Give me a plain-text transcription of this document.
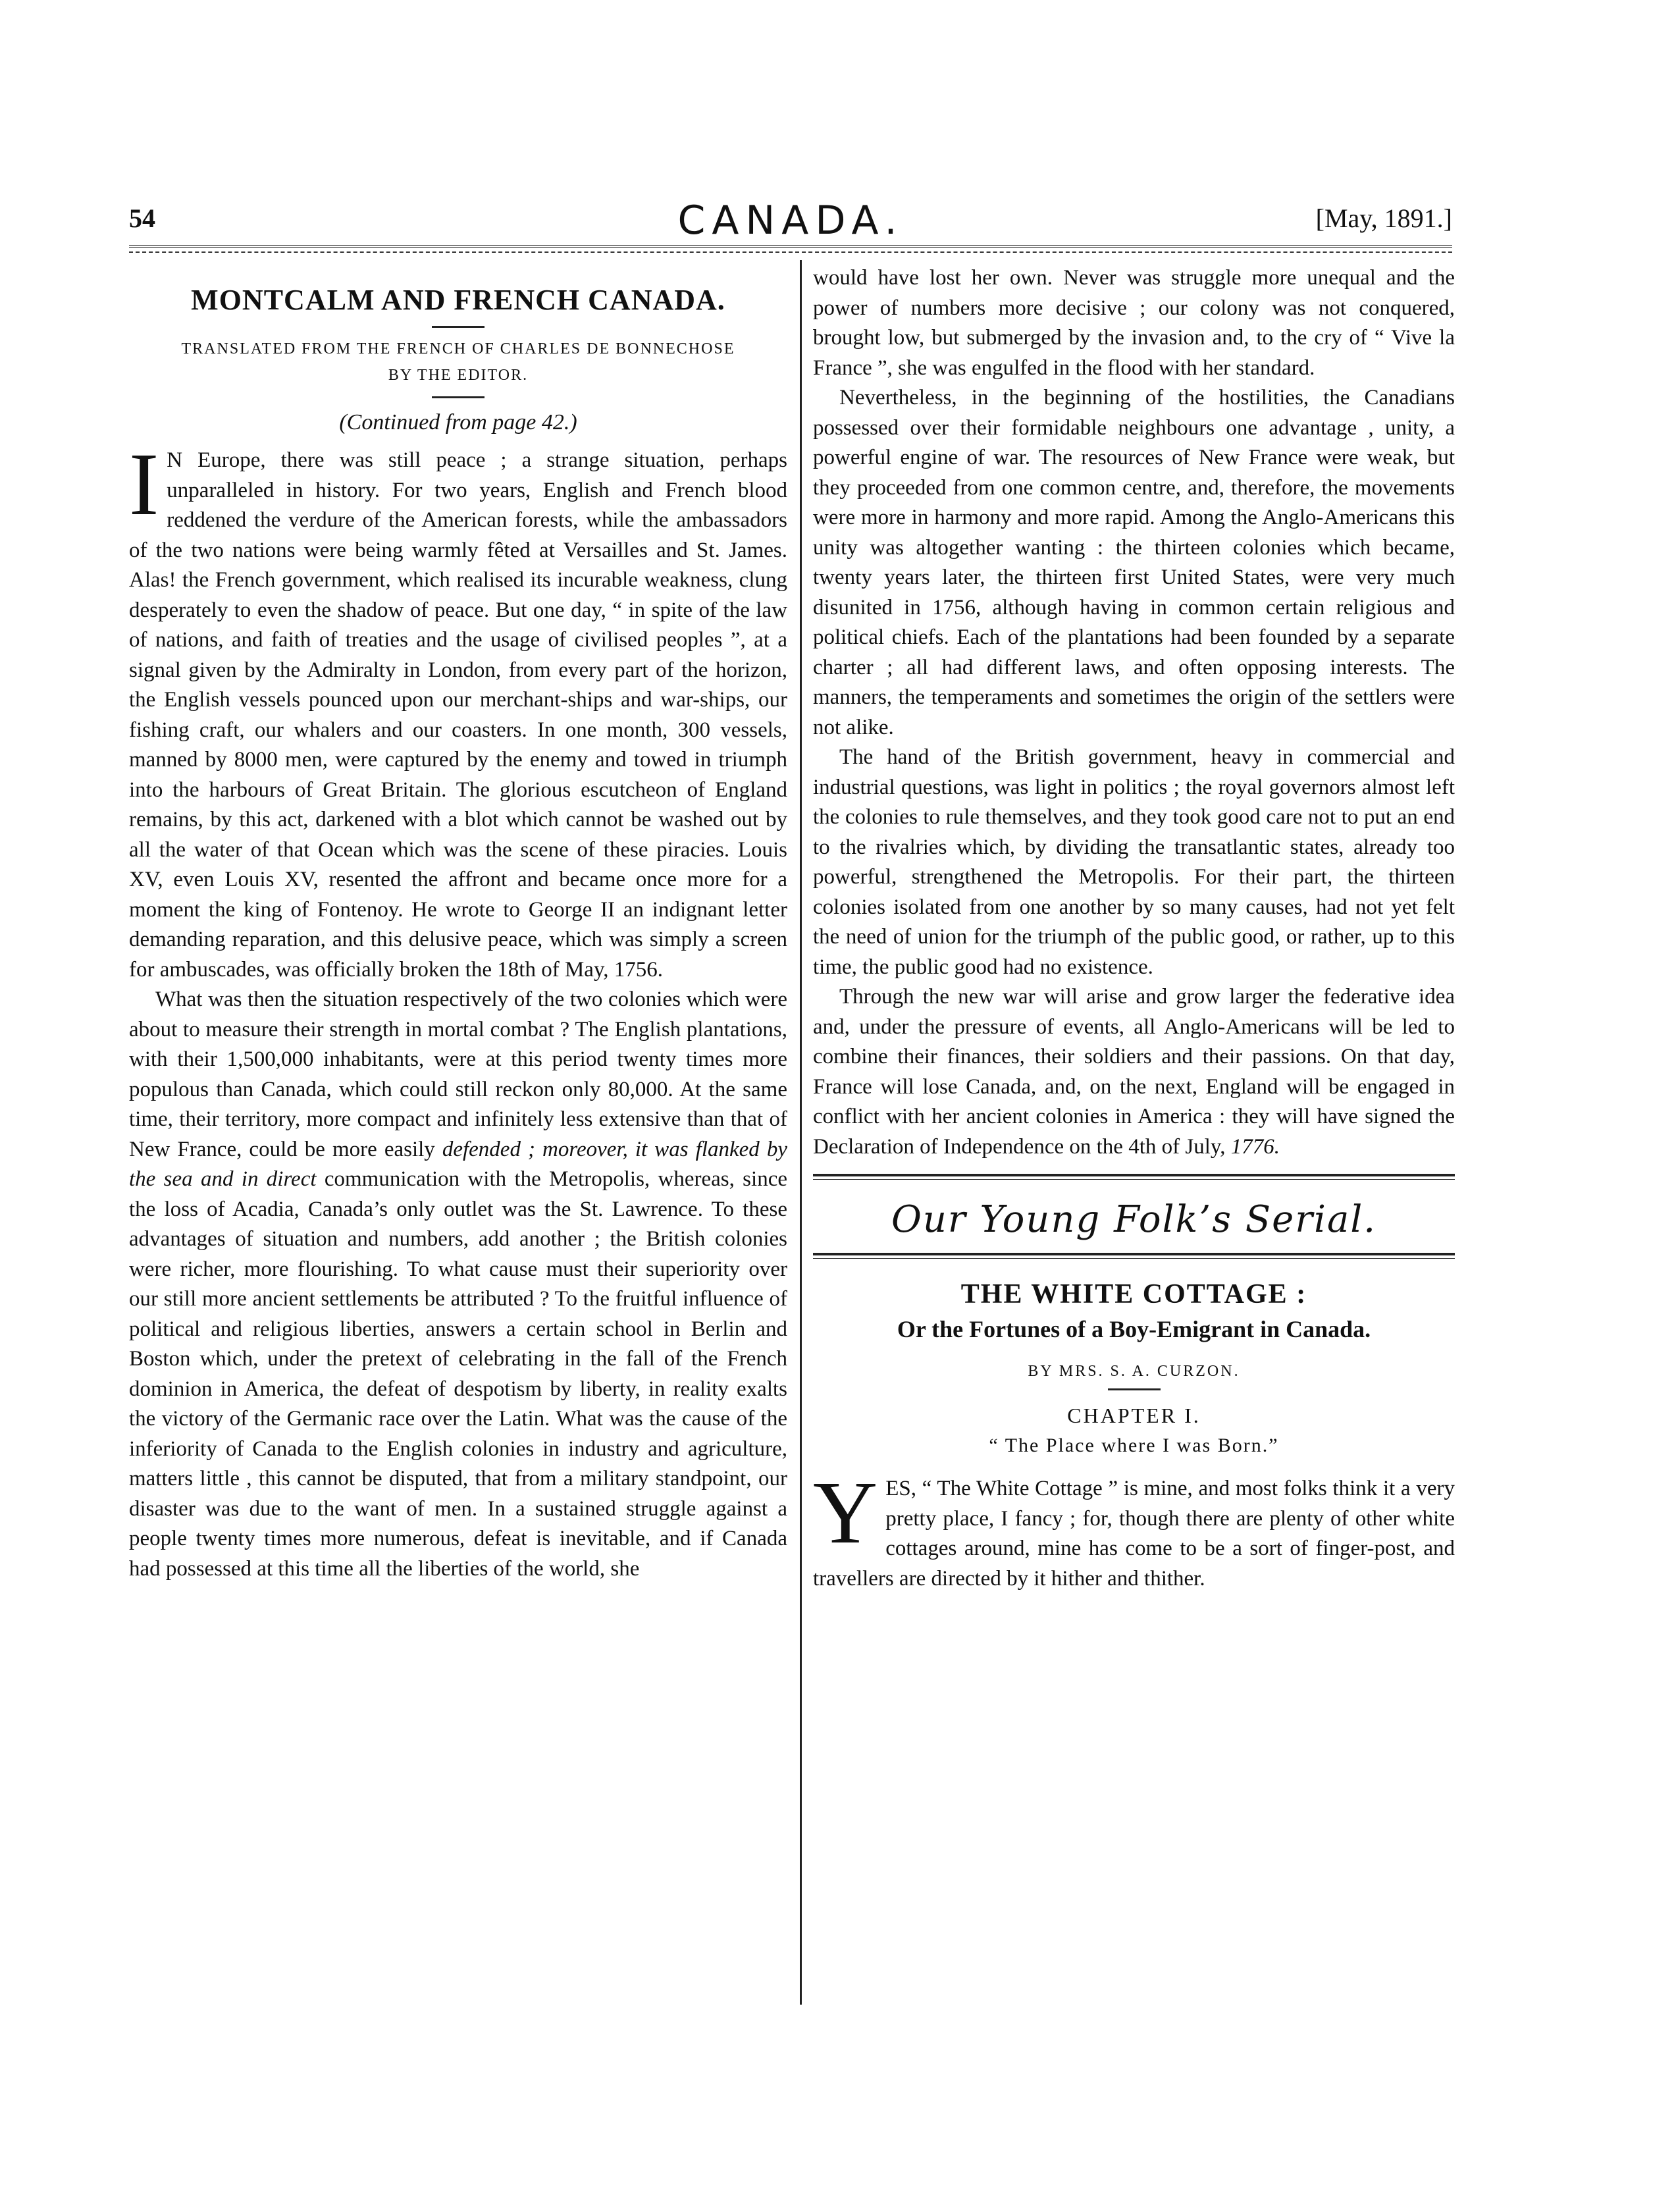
54	CANADA.	[May, 1891.]
MONTCALM AND FRENCH CANADA.
TRANSLATED FROM THE FRENCH OF CHARLES DE BONNECHOSE
BY THE EDITOR.
(Continued from page 42.)

I N Europe, there was still peace ; a strange situation, perhaps unparalleled in history. For two years, English and French blood reddened the verdure of the American forests, while the ambassadors of the two nations were being warmly fêted at Versailles and St. James. Alas! the French government, which realised its incurable weakness, clung desperately to even the shadow of peace. But one day, “ in spite of the law of nations, and faith of treaties and the usage of civilised peoples ”, at a signal given by the Admiralty in London, from every part of the horizon, the English vessels pounced upon our merchant-ships and war-ships, our fishing craft, our whalers and our coasters. In one month, 300 vessels, manned by 8000 men, were captured by the enemy and towed in triumph into the harbours of Great Britain. The glorious escutcheon of England remains, by this act, darkened with a blot which cannot be washed out by all the water of that Ocean which was the scene of these piracies. Louis XV, even Louis XV, resented the affront and became once more for a moment the king of Fontenoy. He wrote to George II an indignant letter demanding reparation, and this delusive peace, which was simply a screen for ambuscades, was officially broken the 18th of May, 1756.

What was then the situation respectively of the two colonies which were about to measure their strength in mortal combat ? The English plantations, with their 1,500,000 inhabitants, were at this period twenty times more populous than Canada, which could still reckon only 80,000. At the same time, their territory, more compact and infinitely less extensive than that of New France, could be more easily defended ; moreover, it was flanked by the sea and in direct communication with the Metropolis, whereas, since the loss of Acadia, Canada’s only outlet was the St. Lawrence. To these advantages of situation and numbers, add another ; the British colonies were richer, more flourishing. To what cause must their superiority over our still more ancient settlements be attributed ? To the fruitful influence of political and religious liberties, answers a certain school in Berlin and Boston which, under the pretext of celebrating in the fall of the French dominion in America, the defeat of despotism by liberty, in reality exalts the victory of the Germanic race over the Latin. What was the cause of the inferiority of Canada to the English colonies in industry and agriculture, matters little , this cannot be disputed, that from a military standpoint, our disaster was due to the want of men. In a sustained struggle against a people twenty times more numerous, defeat is inevitable, and if Canada had possessed at this time all the liberties of the world, she

would have lost her own. Never was struggle more unequal and the power of numbers more decisive ; our colony was not conquered, brought low, but submerged by the invasion and, to the cry of “ Vive la France ”, she was engulfed in the flood with her standard.

Nevertheless, in the beginning of the hostilities, the Canadians possessed over their formidable neighbours one advantage , unity, a powerful engine of war. The resources of New France were weak, but they proceeded from one common centre, and, therefore, the movements were more in harmony and more rapid. Among the Anglo-Americans this unity was altogether wanting : the thirteen colonies which became, twenty years later, the thirteen first United States, were very much disunited in 1756, although having in common certain religious and political chiefs. Each of the plantations had been founded by a separate charter ; all had different laws, and often opposing interests. The manners, the temperaments and sometimes the origin of the settlers were not alike.

The hand of the British government, heavy in commercial and industrial questions, was light in politics ; the royal governors almost left the colonies to rule themselves, and they took good care not to put an end to the rivalries which, by dividing the transatlantic states, already too powerful, strengthened the Metropolis. For their part, the thirteen colonies isolated from one another by so many causes, had not yet felt the need of union for the triumph of the public good, or rather, up to this time, the public good had no existence.

Through the new war will arise and grow larger the federative idea and, under the pressure of events, all Anglo-Americans will be led to combine their finances, their soldiers and their passions. On that day, France will lose Canada, and, on the next, England will be engaged in conflict with her ancient colonies in America : they will have signed the Declaration of Independence on the 4th of July, 1776.

Our Young Folk’s Serial.
THE WHITE COTTAGE :
Or the Fortunes of a Boy-Emigrant in Canada.
BY MRS. S. A. CURZON.
CHAPTER I.
“ The Place where I was Born.”

YES, “ The White Cottage ” is mine, and most folks think it a very pretty place, I fancy ; for, though there are plenty of other white cottages around, mine has come to be a sort of finger-post, and travellers are directed by it hither and thither.
